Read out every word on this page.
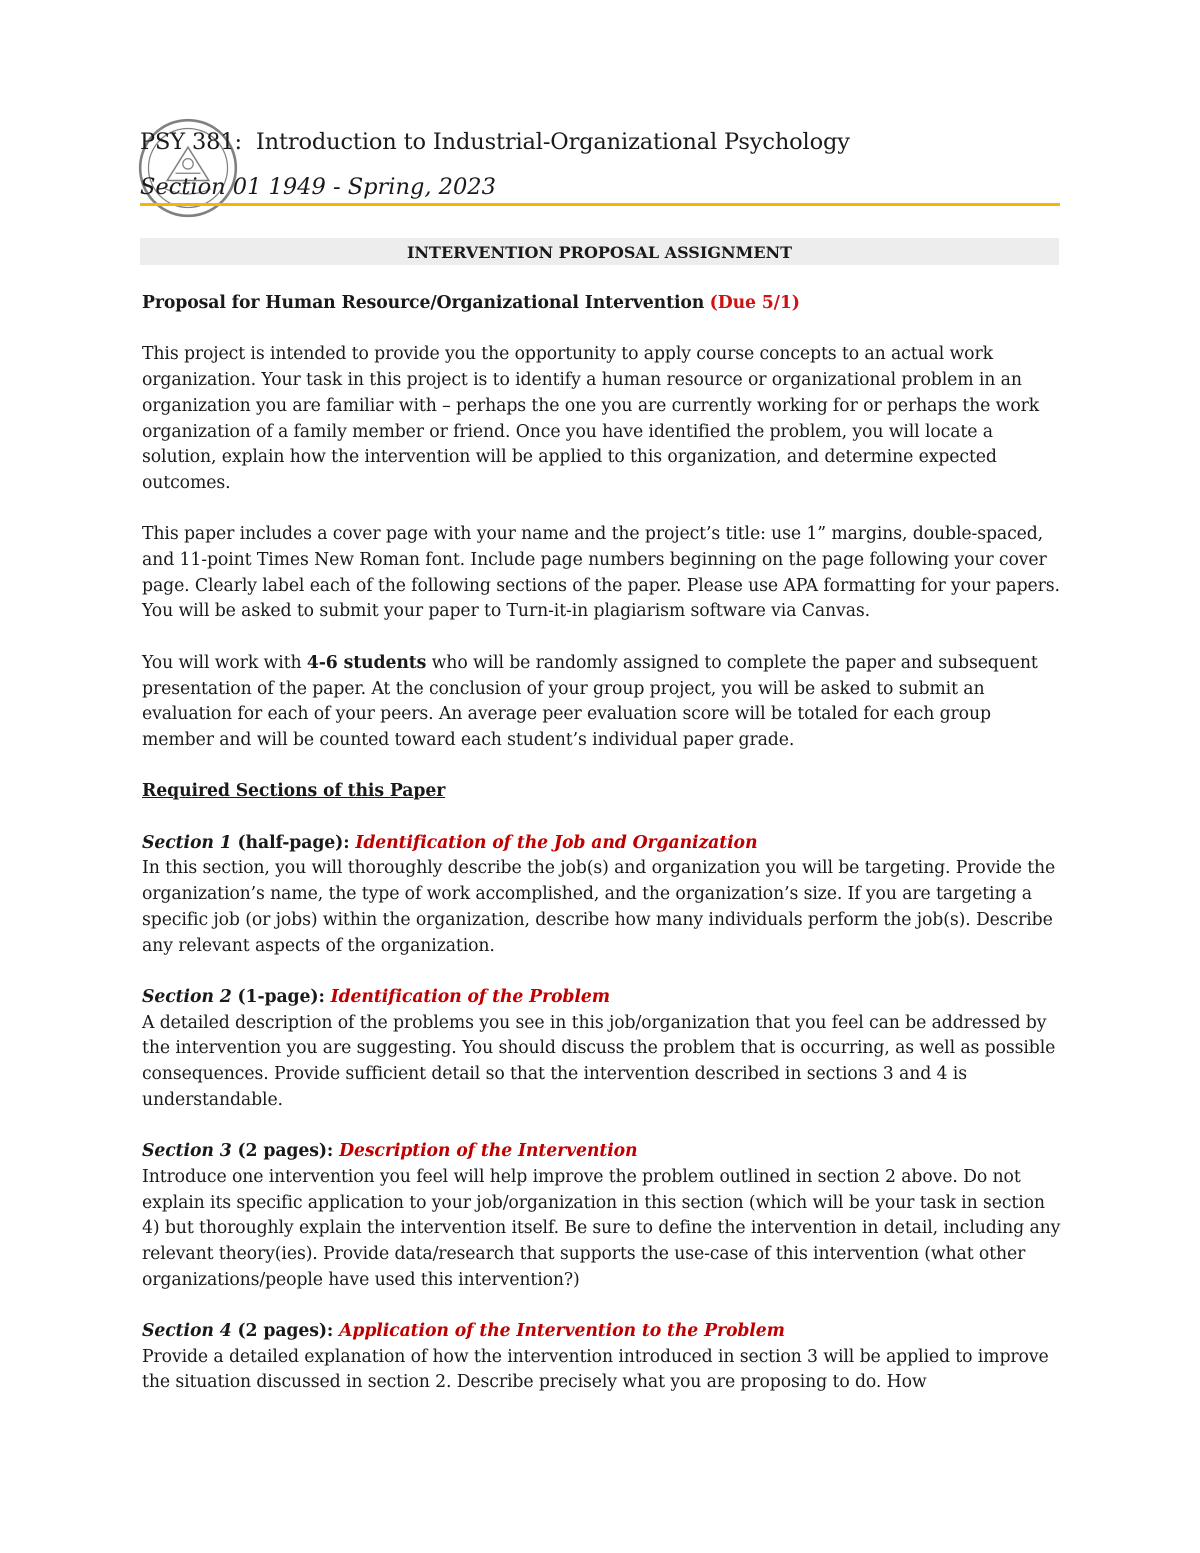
PSY 381:  Introduction to Industrial-Organizational Psychology
Section 01 1949 - Spring, 2023
INTERVENTION PROPOSAL ASSIGNMENT

Proposal for Human Resource/Organizational Intervention (Due 5/1)

This project is intended to provide you the opportunity to apply course concepts to an actual work organization. Your task in this project is to identify a human resource or organizational problem in an organization you are familiar with – perhaps the one you are currently working for or perhaps the work organization of a family member or friend. Once you have identified the problem, you will locate a solution, explain how the intervention will be applied to this organization, and determine expected outcomes.

This paper includes a cover page with your name and the project’s title: use 1” margins, double-spaced, and 11-point Times New Roman font. Include page numbers beginning on the page following your cover page. Clearly label each of the following sections of the paper. Please use APA formatting for your papers. You will be asked to submit your paper to Turn-it-in plagiarism software via Canvas.

You will work with 4-6 students who will be randomly assigned to complete the paper and subsequent presentation of the paper. At the conclusion of your group project, you will be asked to submit an evaluation for each of your peers. An average peer evaluation score will be totaled for each group member and will be counted toward each student’s individual paper grade.

Required Sections of this Paper

Section 1 (half-page): Identification of the Job and Organization
In this section, you will thoroughly describe the job(s) and organization you will be targeting. Provide the organization’s name, the type of work accomplished, and the organization’s size. If you are targeting a specific job (or jobs) within the organization, describe how many individuals perform the job(s). Describe any relevant aspects of the organization.

Section 2 (1-page): Identification of the Problem
A detailed description of the problems you see in this job/organization that you feel can be addressed by the intervention you are suggesting. You should discuss the problem that is occurring, as well as possible consequences. Provide sufficient detail so that the intervention described in sections 3 and 4 is understandable.

Section 3 (2 pages): Description of the Intervention
Introduce one intervention you feel will help improve the problem outlined in section 2 above. Do not explain its specific application to your job/organization in this section (which will be your task in section 4) but thoroughly explain the intervention itself. Be sure to define the intervention in detail, including any relevant theory(ies). Provide data/research that supports the use-case of this intervention (what other organizations/people have used this intervention?)

Section 4 (2 pages): Application of the Intervention to the Problem
Provide a detailed explanation of how the intervention introduced in section 3 will be applied to improve the situation discussed in section 2. Describe precisely what you are proposing to do. How
